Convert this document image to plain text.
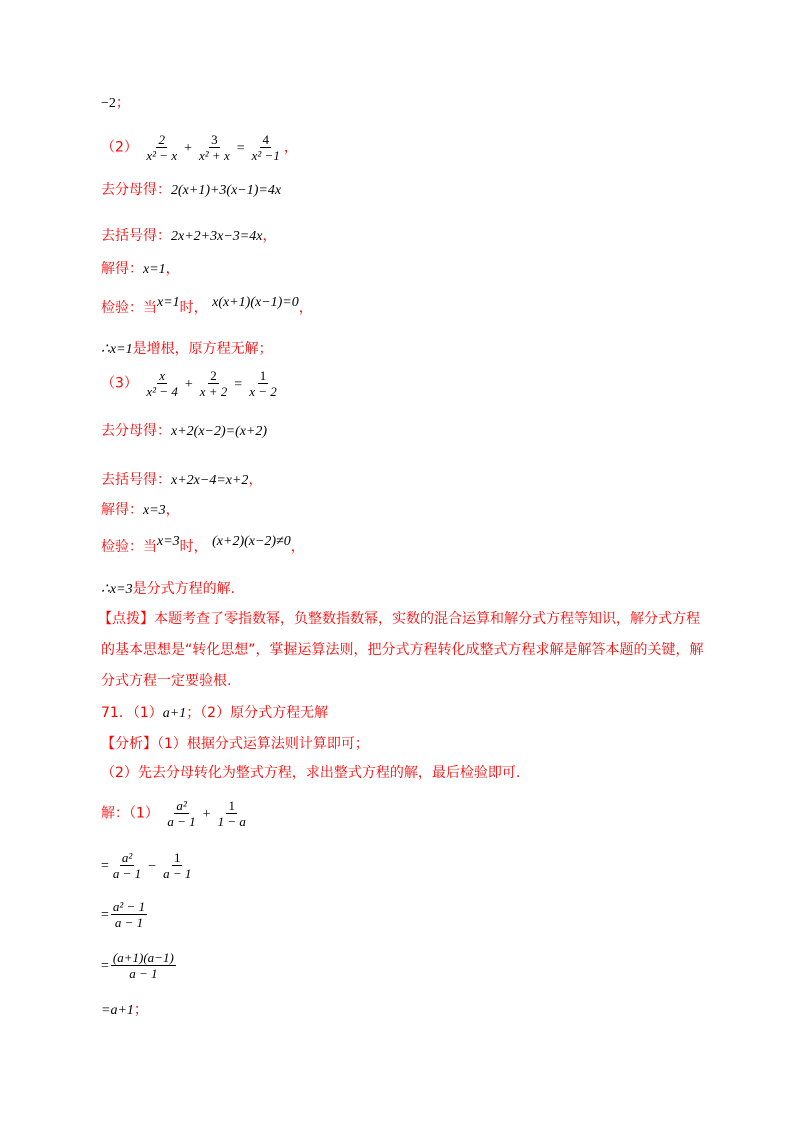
−2；
$(2) \frac{2}{\text{x² − x}} + \frac{3}{\text{x² + x}} = \frac{4}{\text{x² −1}}$ ，
去分母得：2(x+1)+3(x−1)=4x
去括号得：2x+2+3x−3=4x，
解得：x=1，
检验：当x=1时， x(x+1)(x−1)=0，
∴x=1是增根，原方程无解；
$(3) \frac{x}{\text{x² − 4}} + \frac{2}{x + 2} = \frac{1}{x - 2}$
去分母得：x+2(x−2)=(x+2)
去括号得：x+2x−4=x+2，
解得：x=3，
检验：当x=3时， (x+2)(x−2)≠0，
∴x=3是分式方程的解.
【点拨】本题考查了零指数幂，负整数指数幂，实数的混合运算和解分式方程等知识，解分式方程的基本思想是“转化思想”，掌握运算法则，把分式方程转化成整式方程求解是解答本题的关键，解分式方程一定要验根.
71．（1）a+1；（2）原分式方程无解
【分析】（1）根据分式运算法则计算即可；
（2）先去分母转化为整式方程，求出整式方程的解，最后检验即可.
解：$(1) \frac{\text{a²}}{a - 1} + \frac{1}{1 - a}$
= $\frac{\text{a²}}{a - 1} - \frac{1}{a - 1}$
= $\frac{\text{a² − 1}}{a - 1}$
= $\frac{(a+1)(a-1)}{a - 1}$
=a+1；
